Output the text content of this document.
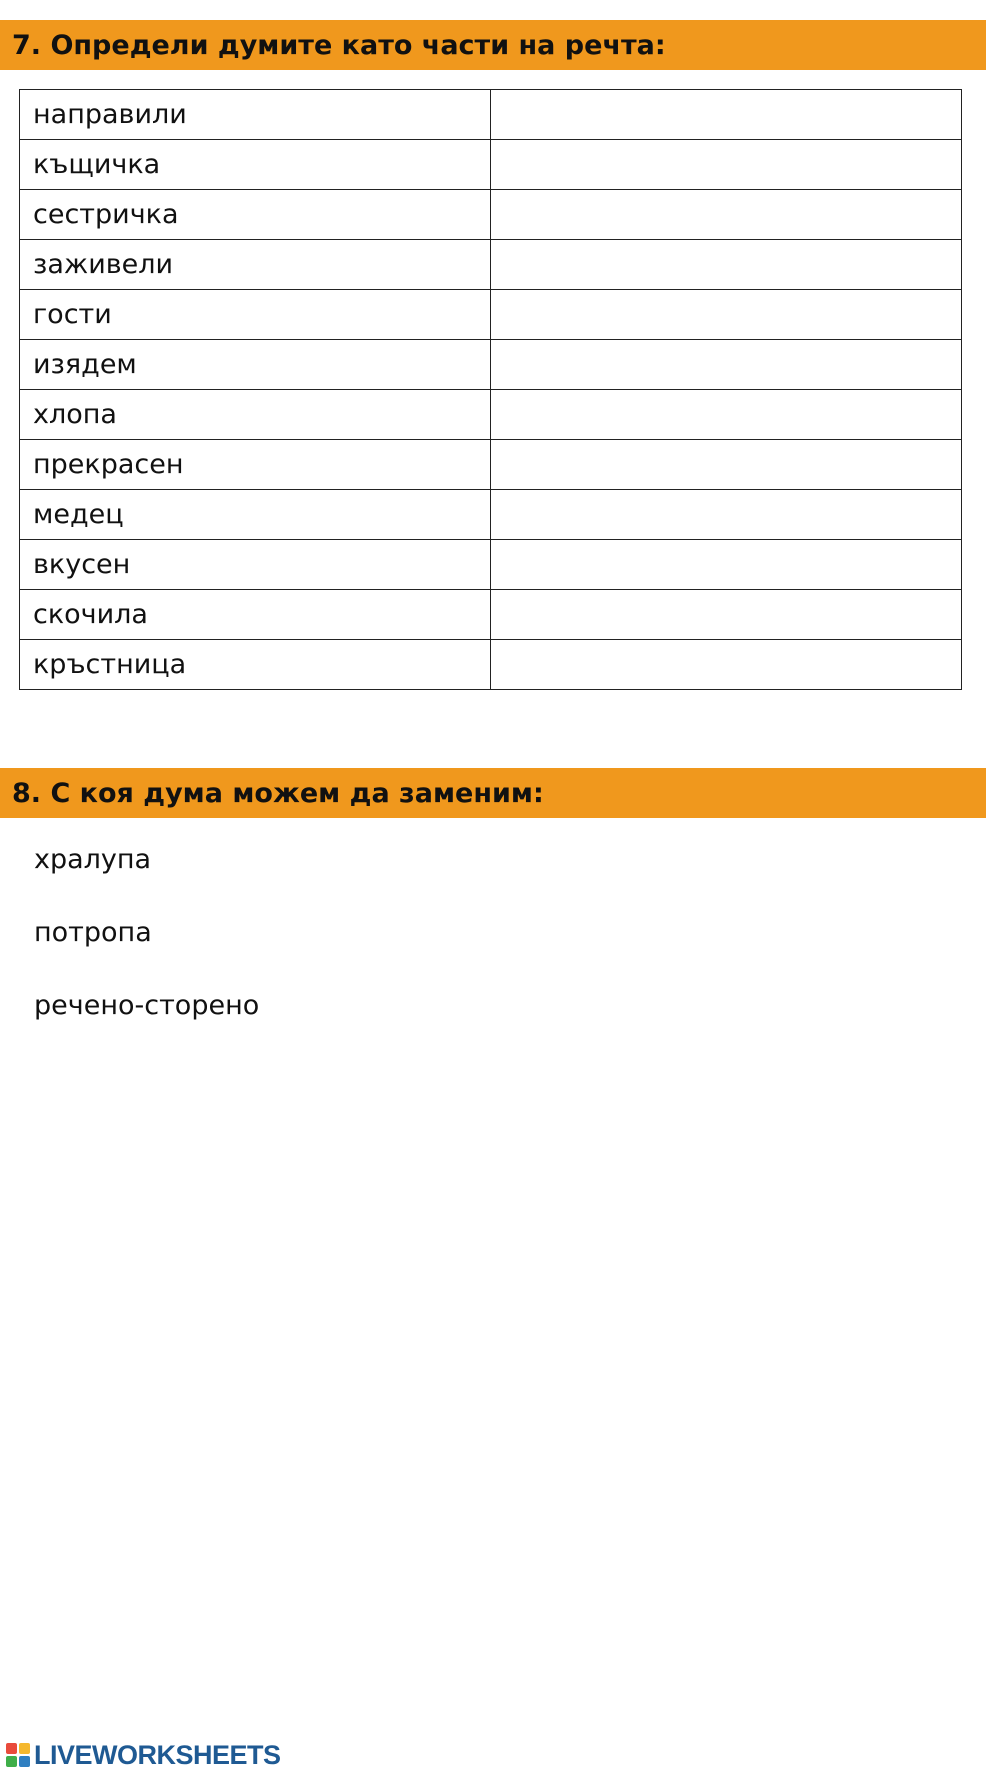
7. Определи думите като части на речта:
направили	
къщичка	
сестричка	
заживели	
гости	
изядем	
хлопа	
прекрасен	
медец	
вкусен	
скочила	
кръстница	
8. С коя дума можем да заменим:
хралупа
потропа
речено-сторено
LIVEWORKSHEETS
